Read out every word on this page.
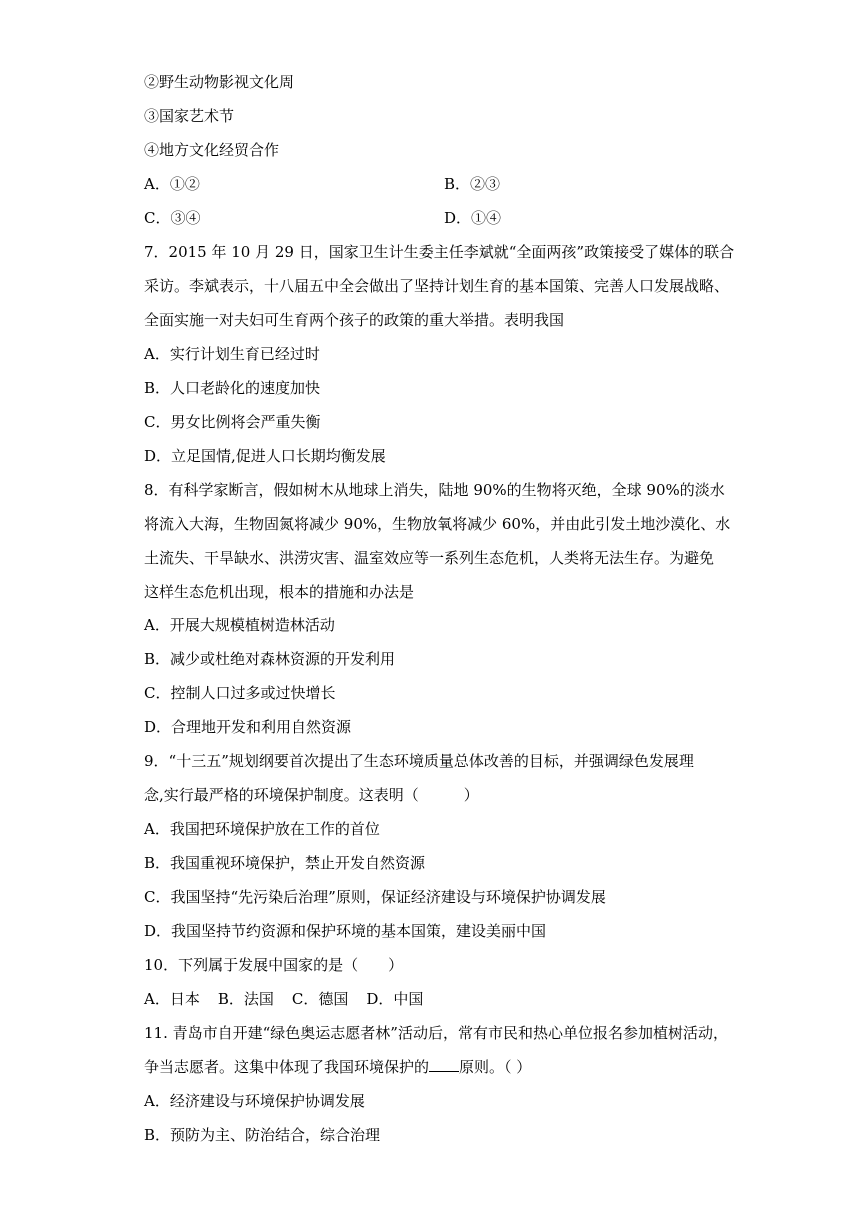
②野生动物影视文化周
③国家艺术节
④地方文化经贸合作
A．①②	B．②③
C．③④	D．①④
7．2015 年 10 月 29 日，国家卫生计生委主任李斌就“全面两孩”政策接受了媒体的联合
采访。李斌表示，十八届五中全会做出了坚持计划生育的基本国策、完善人口发展战略、
全面实施一对夫妇可生育两个孩子的政策的重大举措。表明我国
A．实行计划生育已经过时
B．人口老龄化的速度加快
C．男女比例将会严重失衡
D．立足国情,促进人口长期均衡发展
8．有科学家断言，假如树木从地球上消失，陆地 90%的生物将灭绝，全球 90%的淡水
将流入大海，生物固氮将减少 90%，生物放氧将减少 60%，并由此引发土地沙漠化、水
土流失、干旱缺水、洪涝灾害、温室效应等一系列生态危机，人类将无法生存。为避免
这样生态危机出现，根本的措施和办法是
A．开展大规模植树造林活动
B．减少或杜绝对森林资源的开发利用
C．控制人口过多或过快增长
D．合理地开发和利用自然资源
9．“十三五”规划纲要首次提出了生态环境质量总体改善的目标，并强调绿色发展理
念,实行最严格的环境保护制度。这表明（　　　）
A．我国把环境保护放在工作的首位
B．我国重视环境保护，禁止开发自然资源
C．我国坚持“先污染后治理”原则，保证经济建设与环境保护协调发展
D．我国坚持节约资源和保护环境的基本国策，建设美丽中国
10．下列属于发展中国家的是（　　）
A．日本 B．法国 C．德国 D．中国
11. 青岛市自开建“绿色奥运志愿者林”活动后，常有市民和热心单位报名参加植树活动，
争当志愿者。这集中体现了我国环境保护的 原则。（ ）
A．经济建设与环境保护协调发展
B．预防为主、防治结合，综合治理
